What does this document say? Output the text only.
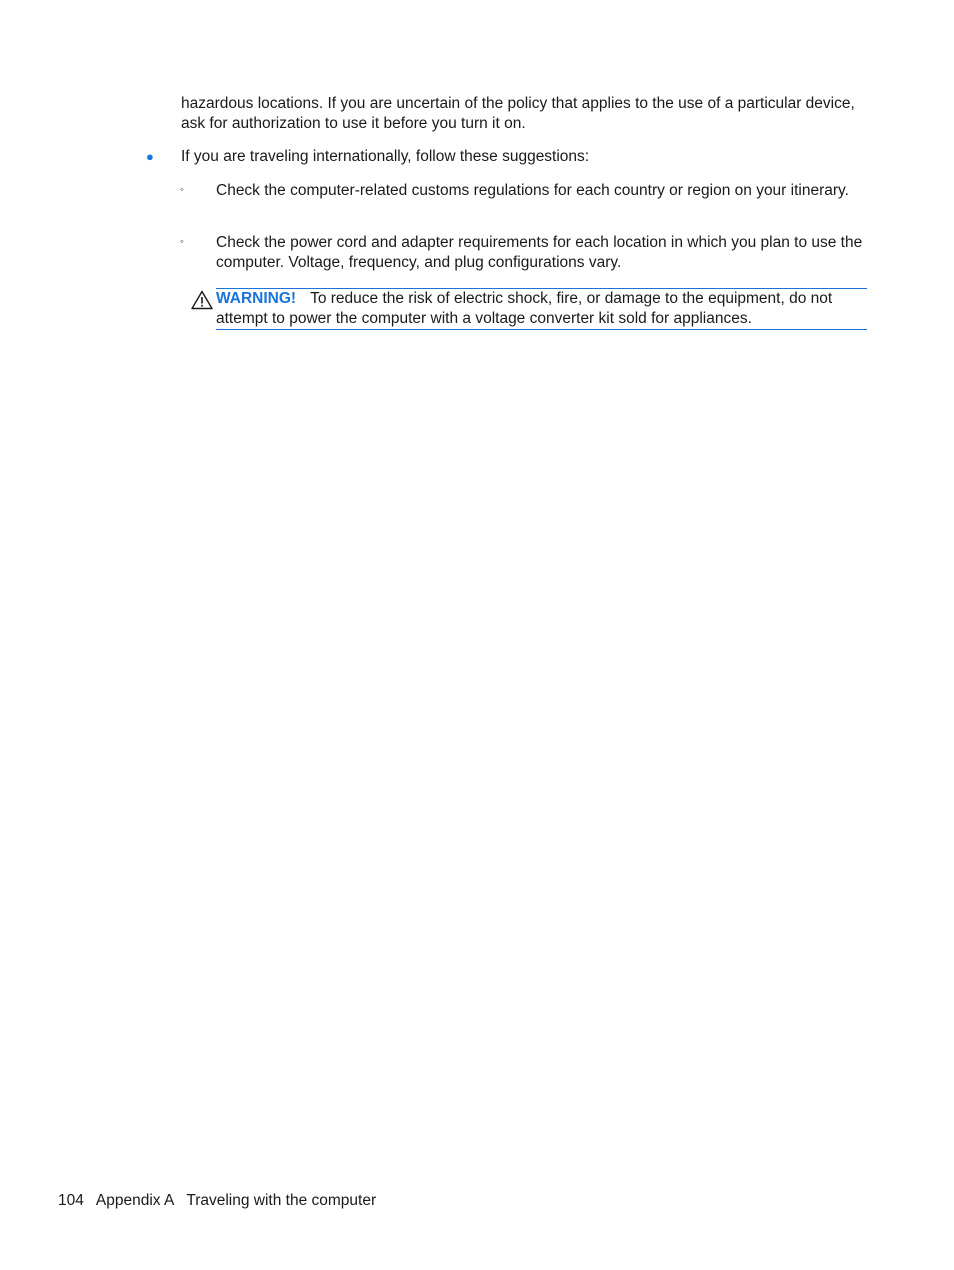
hazardous locations. If you are uncertain of the policy that applies to the use of a particular device, ask for authorization to use it before you turn it on.
● If you are traveling internationally, follow these suggestions:
◦ Check the computer-related customs regulations for each country or region on your itinerary.
◦ Check the power cord and adapter requirements for each location in which you plan to use the computer. Voltage, frequency, and plug configurations vary.
WARNING! To reduce the risk of electric shock, fire, or damage to the equipment, do not attempt to power the computer with a voltage converter kit sold for appliances.
104 Appendix A Traveling with the computer
